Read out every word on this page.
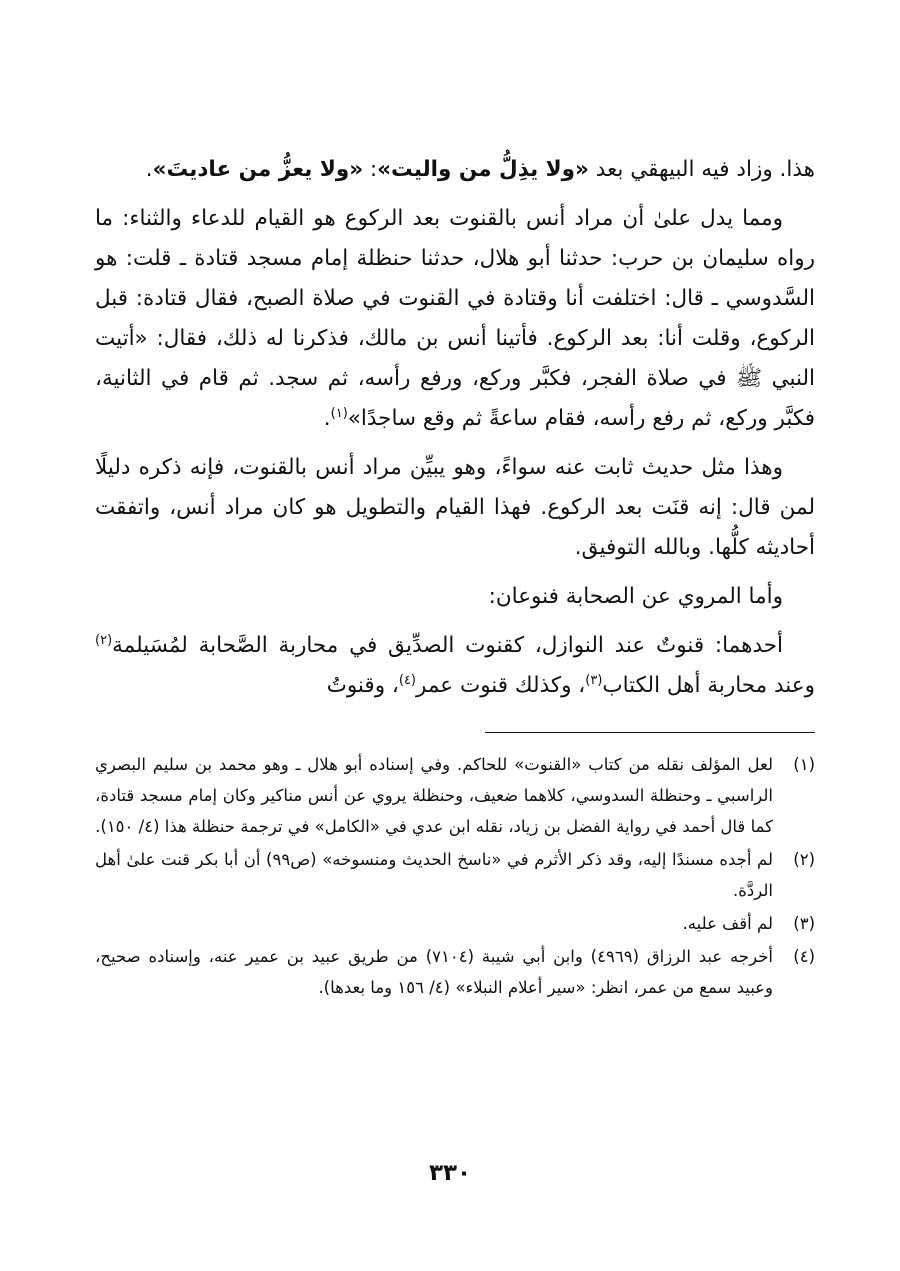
هذا. وزاد فيه البيهقي بعد «ولا يذِلُّ من واليت»: «ولا يعزُّ من عاديتَ».

ومما يدل علىٰ أن مراد أنس بالقنوت بعد الركوع هو القيام للدعاء والثناء: ما رواه سليمان بن حرب: حدثنا أبو هلال، حدثنا حنظلة إمام مسجد قتادة ـ قلت: هو السَّدوسي ـ قال: اختلفت أنا وقتادة في القنوت في صلاة الصبح، فقال قتادة: قبل الركوع، وقلت أنا: بعد الركوع. فأتينا أنس بن مالك، فذكرنا له ذلك، فقال: «أتيت النبي ﷺ في صلاة الفجر، فكبَّر وركع، ورفع رأسه، ثم سجد. ثم قام في الثانية، فكبَّر وركع، ثم رفع رأسه، فقام ساعةً ثم وقع ساجدًا»$^{(١)}$.

وهذا مثل حديث ثابت عنه سواءً، وهو يبيِّن مراد أنس بالقنوت، فإنه ذكره دليلًا لمن قال: إنه قنَت بعد الركوع. فهذا القيام والتطويل هو كان مراد أنس، واتفقت أحاديثه كلُّها. وبالله التوفيق.

وأما المروي عن الصحابة فنوعان:

أحدهما: قنوتٌ عند النوازل، كقنوت الصدِّيق في محاربة الصَّحابة لمُسَيلمة$^{(٢)}$ وعند محاربة أهل الكتاب$^{(٣)}$، وكذلك قنوت عمر$^{(٤)}$، وقنوتُ

(١)
لعل المؤلف نقله من كتاب «القنوت» للحاكم. وفي إسناده أبو هلال ـ وهو محمد بن سليم البصري الراسبي ـ وحنظلة السدوسي، كلاهما ضعيف، وحنظلة يروي عن أنس مناكير وكان إمام مسجد قتادة، كما قال أحمد في رواية الفضل بن زياد، نقله ابن عدي في «الكامل» في ترجمة حنظلة هذا (٤/ ١٥٠).
(٢)
لم أجده مسندًا إليه، وقد ذكر الأثرم في «ناسخ الحديث ومنسوخه» (ص٩٩) أن أبا بكر قنت علىٰ أهل الردَّة.
(٣)
لم أقف عليه.
(٤)
أخرجه عبد الرزاق (٤٩٦٩) وابن أبي شيبة (٧١٠٤) من طريق عبيد بن عمير عنه، وإسناده صحيح، وعبيد سمع من عمر، انظر: «سير أعلام النبلاء» (٤/ ١٥٦ وما بعدها).
٣٣٠
